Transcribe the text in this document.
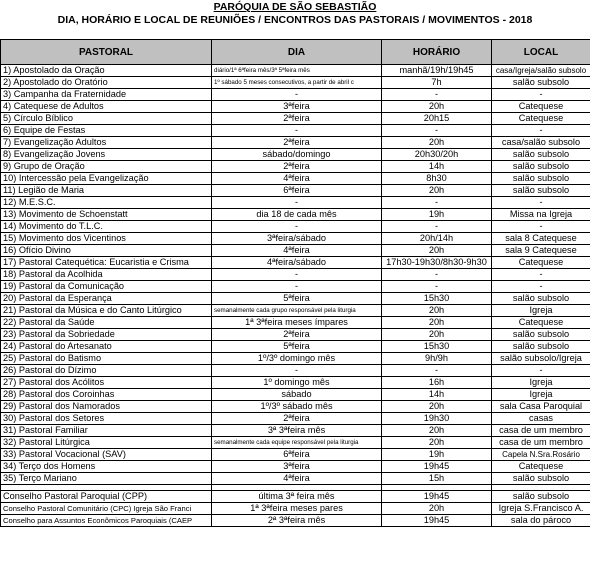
PARÓQUIA DE SÃO SEBASTIÃO
DIA, HORÁRIO E LOCAL DE REUNIÕES / ENCONTROS DAS PASTORAIS / MOVIMENTOS - 2018
PASTORAL	DIA	HORÁRIO	LOCAL
1) Apostolado da Oração	diário/1ª 6ªfeira mês/3ª 5ªfeira mês	manhã/19h/19h45	casa/Igreja/salão subsolo
2) Apostolado do Oratório	1º sábado 5 meses consecutivos, a partir de abril c	7h	salão subsolo
3) Campanha da Fraternidade	-	-	-
4) Catequese de Adultos	3ªfeira	20h	Catequese
5) Círculo Bíblico	2ªfeira	20h15	Catequese
6) Equipe de Festas	-	-	-
7) Evangelização Adultos	2ªfeira	20h	casa/salão subsolo
8) Evangelização Jovens	sábado/domingo	20h30/20h	salão subsolo
9) Grupo de Oração	2ªfeira	14h	salão subsolo
10) Intercessão pela Evangelização	4ªfeira	8h30	salão subsolo
11) Legião de Maria	6ªfeira	20h	salão subsolo
12) M.E.S.C.	-	-	-
13) Movimento de Schoenstatt	dia 18 de cada mês	19h	Missa na Igreja
14) Movimento do T.L.C.	-	-	-
15) Movimento dos Vicentinos	3ªfeira/sábado	20h/14h	sala 8 Catequese
16) Ofício Divino	4ªfeira	20h	sala 9 Catequese
17) Pastoral Catequética: Eucaristia e Crisma	4ªfeira/sábado	17h30-19h30/8h30-9h30	Catequese
18) Pastoral da Acolhida	-	-	-
19) Pastoral da Comunicação	-	-	-
20) Pastoral da Esperança	5ªfeira	15h30	salão subsolo
21) Pastoral da Música e do Canto Litúrgico	semanalmente cada grupo responsável pela liturgia	20h	Igreja
22) Pastoral da Saúde	1ª 3ªfeira meses ímpares	20h	Catequese
23) Pastoral da Sobriedade	2ªfeira	20h	salão subsolo
24) Pastoral do Artesanato	5ªfeira	15h30	salão subsolo
25) Pastoral do Batismo	1º/3º domingo mês	9h/9h	salão subsolo/Igreja
26) Pastoral do Dízimo	-	-	-
27) Pastoral dos Acólitos	1º domingo mês	16h	Igreja
28) Pastoral dos Coroinhas	sábado	14h	Igreja
29) Pastoral dos Namorados	1º/3º sábado mês	20h	sala Casa Paroquial
30) Pastoral dos Setores	2ªfeira	19h30	casas
31) Pastoral Familiar	3ª 3ªfeira mês	20h	casa de um membro
32) Pastoral Litúrgica	semanalmente cada equipe responsável pela liturgia	20h	casa de um membro
33) Pastoral Vocacional (SAV)	6ªfeira	19h	Capela N.Sra.Rosário
34) Terço dos Homens	3ªfeira	19h45	Catequese
35) Terço Mariano	4ªfeira	15h	salão subsolo

Conselho Pastoral Paroquial (CPP)	última 3ª feira mês	19h45	salão subsolo
Conselho Pastoral Comunitário (CPC) Igreja São Franci	1ª 3ªfeira meses pares	20h	Igreja S.Francisco A.
Conselho para Assuntos Econômicos Paroquiais (CAEP	2ª 3ªfeira mês	19h45	sala do pároco
